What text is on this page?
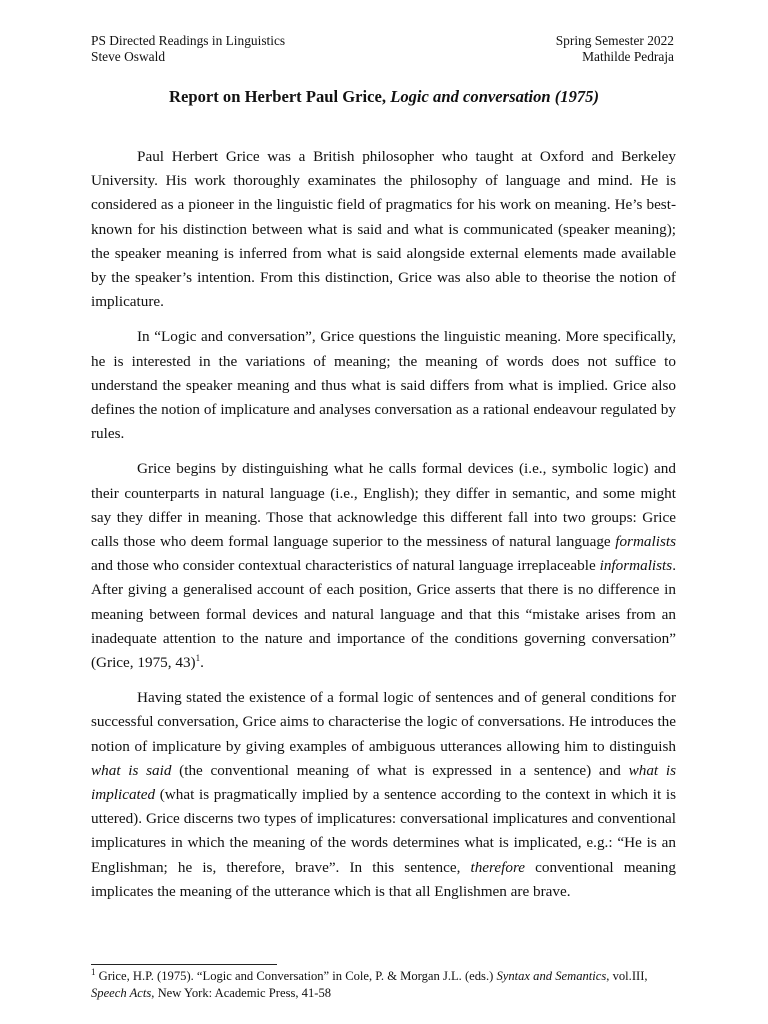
PS Directed Readings in Linguistics	Spring Semester 2022
Steve Oswald	Mathilde Pedraja
Report on Herbert Paul Grice, Logic and conversation (1975)

Paul Herbert Grice was a British philosopher who taught at Oxford and Berkeley University. His work thoroughly examinates the philosophy of language and mind. He is considered as a pioneer in the linguistic field of pragmatics for his work on meaning. He’s best-known for his distinction between what is said and what is communicated (speaker meaning); the speaker meaning is inferred from what is said alongside external elements made available by the speaker’s intention. From this distinction, Grice was also able to theorise the notion of implicature.

In “Logic and conversation”, Grice questions the linguistic meaning. More specifically, he is interested in the variations of meaning; the meaning of words does not suffice to understand the speaker meaning and thus what is said differs from what is implied. Grice also defines the notion of implicature and analyses conversation as a rational endeavour regulated by rules.

Grice begins by distinguishing what he calls formal devices (i.e., symbolic logic) and their counterparts in natural language (i.e., English); they differ in semantic, and some might say they differ in meaning. Those that acknowledge this different fall into two groups: Grice calls those who deem formal language superior to the messiness of natural language formalists and those who consider contextual characteristics of natural language irreplaceable informalists. After giving a generalised account of each position, Grice asserts that there is no difference in meaning between formal devices and natural language and that this “mistake arises from an inadequate attention to the nature and importance of the conditions governing conversation” (Grice, 1975, 43)$^1$.

Having stated the existence of a formal logic of sentences and of general conditions for successful conversation, Grice aims to characterise the logic of conversations. He introduces the notion of implicature by giving examples of ambiguous utterances allowing him to distinguish what is said (the conventional meaning of what is expressed in a sentence) and what is implicated (what is pragmatically implied by a sentence according to the context in which it is uttered). Grice discerns two types of implicatures: conversational implicatures and conventional implicatures in which the meaning of the words determines what is implicated, e.g.: “He is an Englishman; he is, therefore, brave”. In this sentence, therefore conventional meaning implicates the meaning of the utterance which is that all Englishmen are brave.

$^1$ Grice, H.P. (1975). “Logic and Conversation” in Cole, P. & Morgan J.L. (eds.) Syntax and Semantics, vol.III, Speech Acts, New York: Academic Press, 41-58
